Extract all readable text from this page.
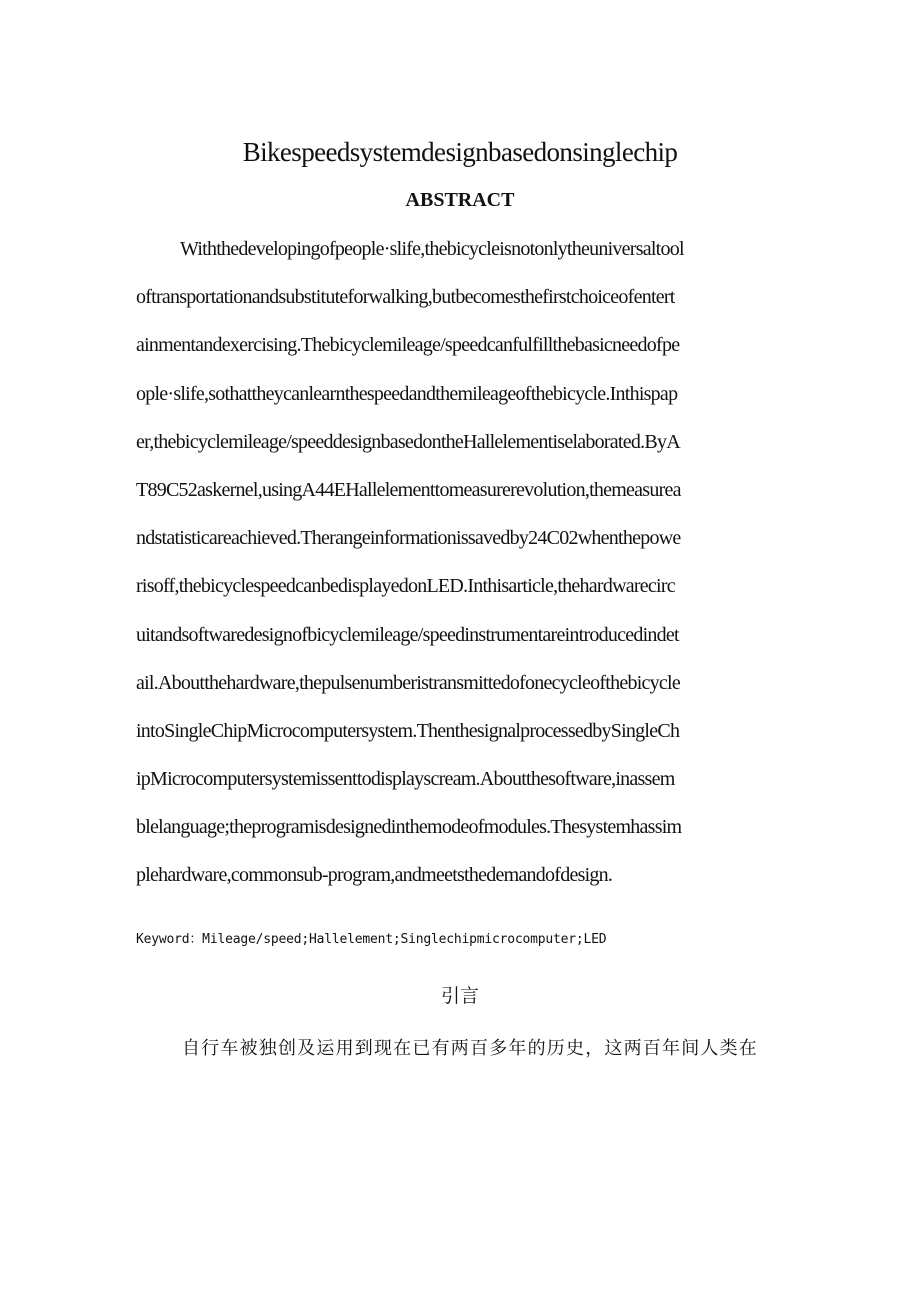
Bikespeedsystemdesignbasedonsinglechip
ABSTRACT
Withthedevelopingofpeople·slife,thebicycleisnotonlytheuniversaltool
oftransportationandsubstituteforwalking,butbecomesthefirstchoiceofentert
ainmentandexercising.Thebicyclemileage/speedcanfulfillthebasicneedofpe
ople·slife,sothattheycanlearnthespeedandthemileageofthebicycle.Inthispap
er,thebicyclemileage/speeddesignbasedontheHallelementiselaborated.ByA
T89C52askernel,usingA44EHallelementtomeasurerevolution,themeasurea
ndstatisticareachieved.Therangeinformationissavedby24C02whenthepowe
risoff,thebicyclespeedcanbedisplayedonLED.Inthisarticle,thehardwarecirc
uitandsoftwaredesignofbicyclemileage/speedinstrumentareintroducedindet
ail.Aboutthehardware,thepulsenumberistransmittedofonecycleofthebicycle
intoSingleChipMicrocomputersystem.ThenthesignalprocessedbySingleCh
ipMicrocomputersystemissenttodisplayscream.Aboutthesoftware,inassem
blelanguage;theprogramisdesignedinthemodeofmodules.Thesystemhassim
plehardware,commonsub-program,andmeetsthedemandofdesign.
Keyword：Mileage/speed;Hallelement;Singlechipmicrocomputer;LED
引言
自行车被独创及运用到现在已有两百多年的历史，这两百年间人类在
